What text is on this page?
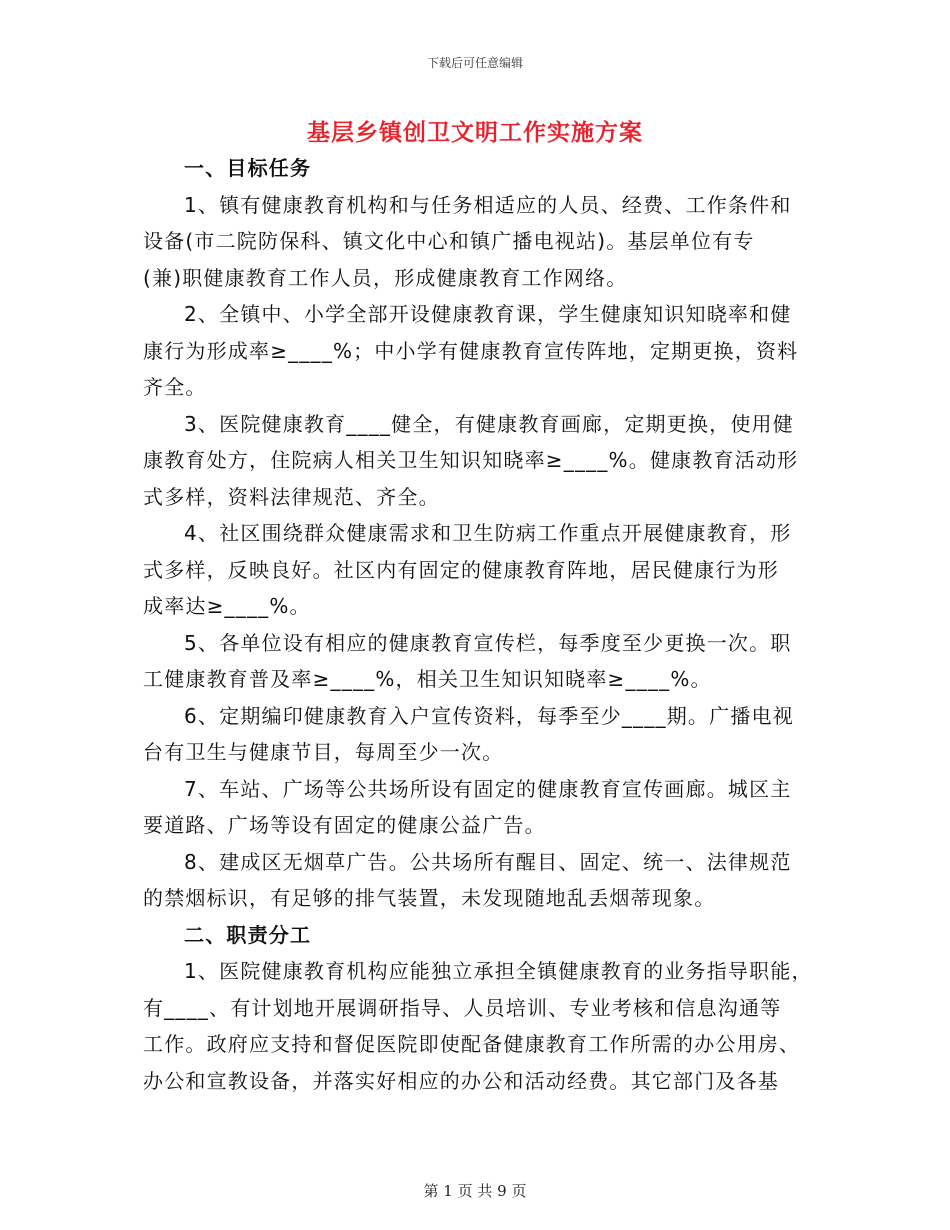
下载后可任意编辑
基层乡镇创卫文明工作实施方案
一、目标任务
1、镇有健康教育机构和与任务相适应的人员、经费、工作条件和
设备(市二院防保科、镇文化中心和镇广播电视站)。基层单位有专
(兼)职健康教育工作人员，形成健康教育工作网络。
2、全镇中、小学全部开设健康教育课，学生健康知识知晓率和健
康行为形成率≥____%；中小学有健康教育宣传阵地，定期更换，资料
齐全。
3、医院健康教育____健全，有健康教育画廊，定期更换，使用健
康教育处方，住院病人相关卫生知识知晓率≥____%。健康教育活动形
式多样，资料法律规范、齐全。
4、社区围绕群众健康需求和卫生防病工作重点开展健康教育，形
式多样，反映良好。社区内有固定的健康教育阵地，居民健康行为形
成率达≥____%。
5、各单位设有相应的健康教育宣传栏，每季度至少更换一次。职
工健康教育普及率≥____%，相关卫生知识知晓率≥____%。
6、定期编印健康教育入户宣传资料，每季至少____期。广播电视
台有卫生与健康节目，每周至少一次。
7、车站、广场等公共场所设有固定的健康教育宣传画廊。城区主
要道路、广场等设有固定的健康公益广告。
8、建成区无烟草广告。公共场所有醒目、固定、统一、法律规范
的禁烟标识，有足够的排气装置，未发现随地乱丢烟蒂现象。
二、职责分工
1、医院健康教育机构应能独立承担全镇健康教育的业务指导职能，
有____、有计划地开展调研指导、人员培训、专业考核和信息沟通等
工作。政府应支持和督促医院即使配备健康教育工作所需的办公用房、
办公和宣教设备，并落实好相应的办公和活动经费。其它部门及各基
第 1 页 共 9 页
